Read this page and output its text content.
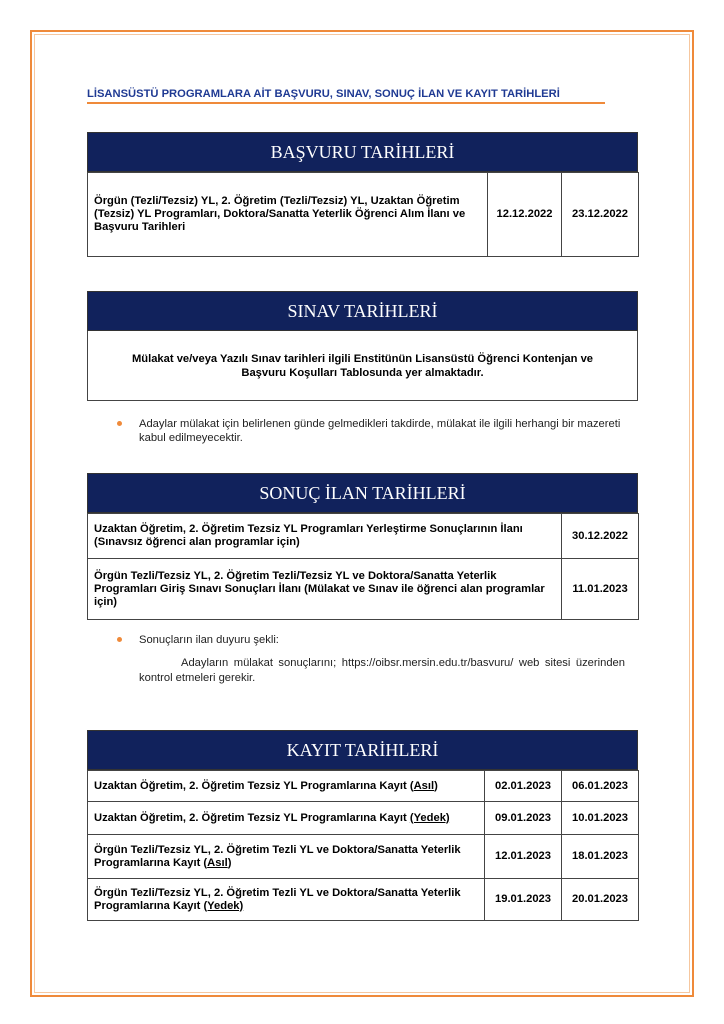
LİSANSÜSTÜ PROGRAMLARA AİT BAŞVURU, SINAV, SONUÇ İLAN VE KAYIT TARİHLERİ
BAŞVURU TARİHLERİ
Örgün (Tezli/Tezsiz) YL, 2. Öğretim (Tezli/Tezsiz) YL, Uzaktan Öğretim (Tezsiz) YL Programları, Doktora/Sanatta Yeterlik Öğrenci Alım İlanı ve Başvuru Tarihleri	12.12.2022	23.12.2022
SINAV TARİHLERİ
Mülakat ve/veya Yazılı Sınav tarihleri ilgili Enstitünün Lisansüstü Öğrenci Kontenjan ve Başvuru Koşulları Tablosunda yer almaktadır.
Adaylar mülakat için belirlenen günde gelmedikleri takdirde, mülakat ile ilgili herhangi bir mazereti kabul edilmeyecektir.
SONUÇ İLAN TARİHLERİ
Uzaktan Öğretim, 2. Öğretim Tezsiz YL Programları Yerleştirme Sonuçlarının İlanı (Sınavsız öğrenci alan programlar için)	30.12.2022
Örgün Tezli/Tezsiz YL, 2. Öğretim Tezli/Tezsiz YL ve Doktora/Sanatta Yeterlik Programları Giriş Sınavı Sonuçları İlanı (Mülakat ve Sınav ile öğrenci alan programlar için)	11.01.2023
Sonuçların ilan duyuru şekli:
Adayların mülakat sonuçlarını; https://oibsr.mersin.edu.tr/basvuru/ web sitesi üzerinden kontrol etmeleri gerekir.
KAYIT TARİHLERİ
Uzaktan Öğretim, 2. Öğretim Tezsiz YL Programlarına Kayıt (Asıl)	02.01.2023	06.01.2023
Uzaktan Öğretim, 2. Öğretim Tezsiz YL Programlarına Kayıt (Yedek)	09.01.2023	10.01.2023
Örgün Tezli/Tezsiz YL, 2. Öğretim Tezli YL ve Doktora/Sanatta Yeterlik Programlarına Kayıt (Asıl)	12.01.2023	18.01.2023
Örgün Tezli/Tezsiz YL, 2. Öğretim Tezli YL ve Doktora/Sanatta Yeterlik Programlarına Kayıt (Yedek)	19.01.2023	20.01.2023
